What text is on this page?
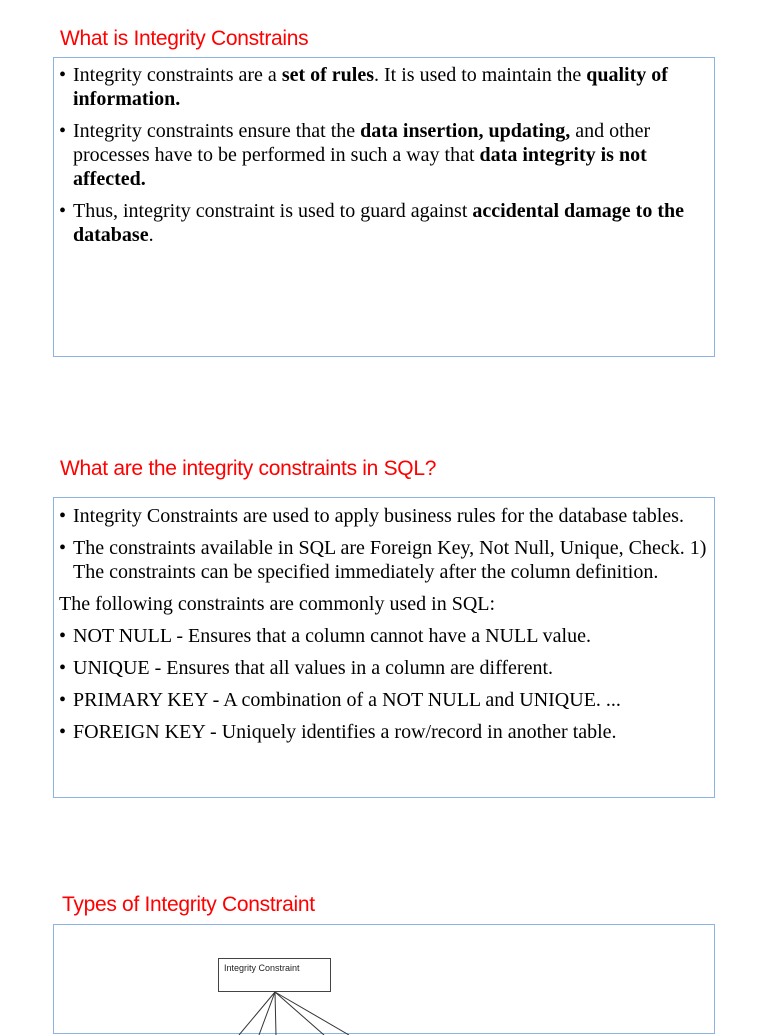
What is Integrity Constrains
• Integrity constraints are a set of rules. It is used to maintain the quality of information.
• Integrity constraints ensure that the data insertion, updating, and other processes have to be performed in such a way that data integrity is not affected.
• Thus, integrity constraint is used to guard against accidental damage to the database.
What are the integrity constraints in SQL?
• Integrity Constraints are used to apply business rules for the database tables.
• The constraints available in SQL are Foreign Key, Not Null, Unique, Check. 1) The constraints can be specified immediately after the column definition.

The following constraints are commonly used in SQL:

• NOT NULL - Ensures that a column cannot have a NULL value.
• UNIQUE - Ensures that all values in a column are different.
• PRIMARY KEY - A combination of a NOT NULL and UNIQUE. ...
• FOREIGN KEY - Uniquely identifies a row/record in another table.
Types of Integrity Constraint
Integrity Constraint
